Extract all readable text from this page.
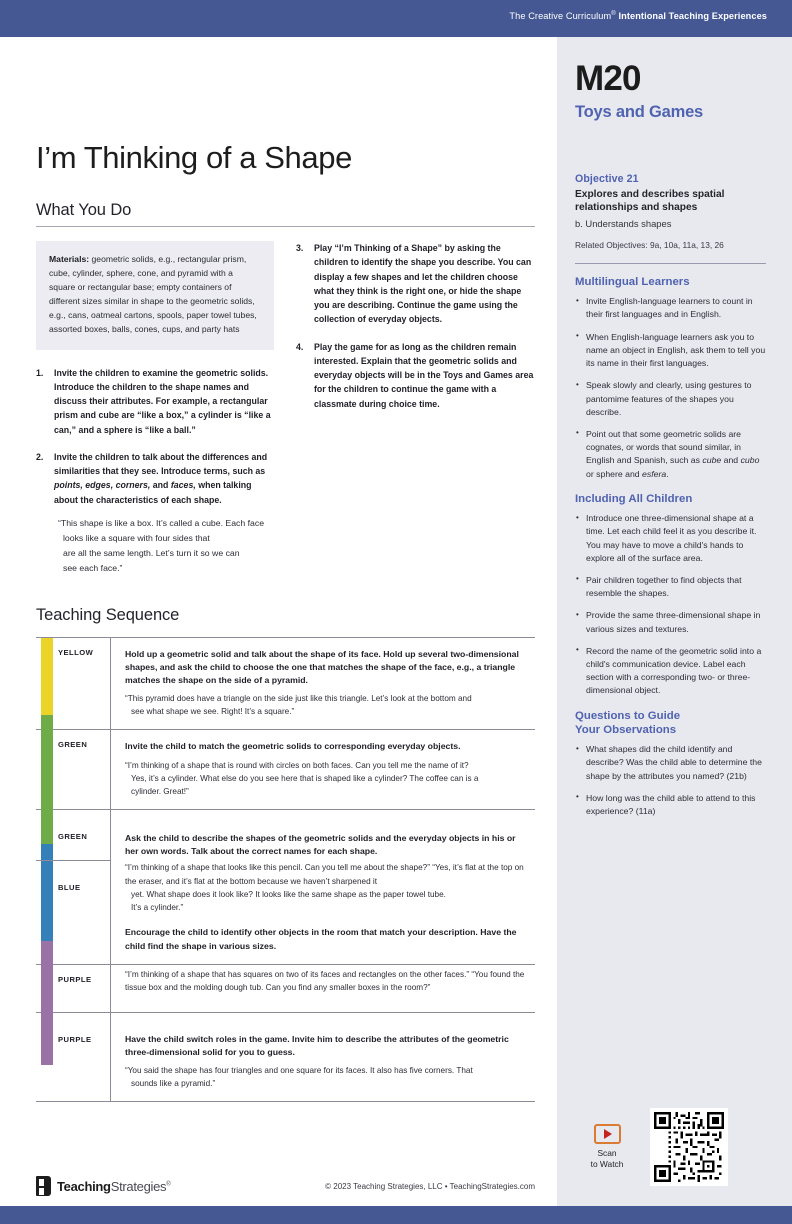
The Creative Curriculum® Intentional Teaching Experiences
M20
Toys and Games
Objective 21
Explores and describes spatial relationships and shapes
b. Understands shapes
Related Objectives: 9a, 10a, 11a, 13, 26
Multilingual Learners
• Invite English-language learners to count in their first languages and in English.
• When English-language learners ask you to name an object in English, ask them to tell you its name in their first languages.
• Speak slowly and clearly, using gestures to pantomime features of the shapes you describe.
• Point out that some geometric solids are cognates, or words that sound similar, in English and Spanish, such as cube and cubo or sphere and esfera.
Including All Children
• Introduce one three-dimensional shape at a time. Let each child feel it as you describe it. You may have to move a child's hands to explore all of the surface area.
• Pair children together to find objects that resemble the shapes.
• Provide the same three-dimensional shape in various sizes and textures.
• Record the name of the geometric solid into a child's communication device. Label each section with a corresponding two- or three-dimensional object.
Questions to Guide
Your Observations
• What shapes did the child identify and describe? Was the child able to determine the shape by the attributes you named? (21b)
• How long was the child able to attend to this experience? (11a)
I’m Thinking of a Shape
What You Do
Materials: geometric solids, e.g., rectangular prism, cube, cylinder, sphere, cone, and pyramid with a square or rectangular base; empty containers of different sizes similar in shape to the geometric solids, e.g., cans, oatmeal cartons, spools, paper towel tubes, assorted boxes, balls, cones, cups, and party hats
Invite the children to examine the geometric solids. Introduce the children to the shape names and discuss their attributes. For example, a rectangular prism and cube are “like a box,” a cylinder is “like a can,” and a sphere is “like a ball.”
Invite the children to talk about the differences and similarities that they see. Introduce terms, such as points, edges, corners, and faces, when talking about the characteristics of each shape.
“This shape is like a box. It’s called a cube. Each face
looks like a square with four sides that
are all the same length. Let’s turn it so we can
see each face.”
Play “I’m Thinking of a Shape” by asking the children to identify the shape you describe. You can display a few shapes and let the children choose what they think is the right one, or hide the shape you are describing. Continue the game using the collection of everyday objects.
Play the game for as long as the children remain interested. Explain that the geometric solids and everyday objects will be in the Toys and Games area for the children to continue the game with a classmate during choice time.
Teaching Sequence
YELLOW	Hold up a geometric solid and talk about the shape of its face. Hold up several two-dimensional shapes, and ask the child to choose the one that matches the shape of the face, e.g., a triangle matches the shape on the side of a pyramid.
“This pyramid does have a triangle on the side just like this triangle. Let’s look at the bottom and
see what shape we see. Right! It’s a square.”
GREEN	Invite the child to match the geometric solids to corresponding everyday objects.
“I’m thinking of a shape that is round with circles on both faces. Can you tell me the name of it?
Yes, it’s a cylinder. What else do you see here that is shaped like a cylinder? The coffee can is a
cylinder. Great!”
GREEN	Ask the child to describe the shapes of the geometric solids and the everyday objects in his or her own words. Talk about the correct names for each shape.
BLUE
“I’m thinking of a shape that looks like this pencil. Can you tell me about the shape?” “Yes, it’s flat at the top on the eraser, and it’s flat at the bottom because we haven’t sharpened it
yet. What shape does it look like? It looks like the same shape as the paper towel tube.
It’s a cylinder.”
Encourage the child to identify other objects in the room that match your description. Have the child find the shape in various sizes.
PURPLE
“I’m thinking of a shape that has squares on two of its faces and rectangles on the other faces.” “You found the tissue box and the molding dough tub. Can you find any smaller boxes in the room?”
PURPLE	Have the child switch roles in the game. Invite him to describe the attributes of the geometric three-dimensional solid for you to guess.
“You said the shape has four triangles and one square for its faces. It also has five corners. That
sounds like a pyramid.”
TeachingStrategies®	© 2023 Teaching Strategies, LLC • TeachingStrategies.com
Scan
to Watch
